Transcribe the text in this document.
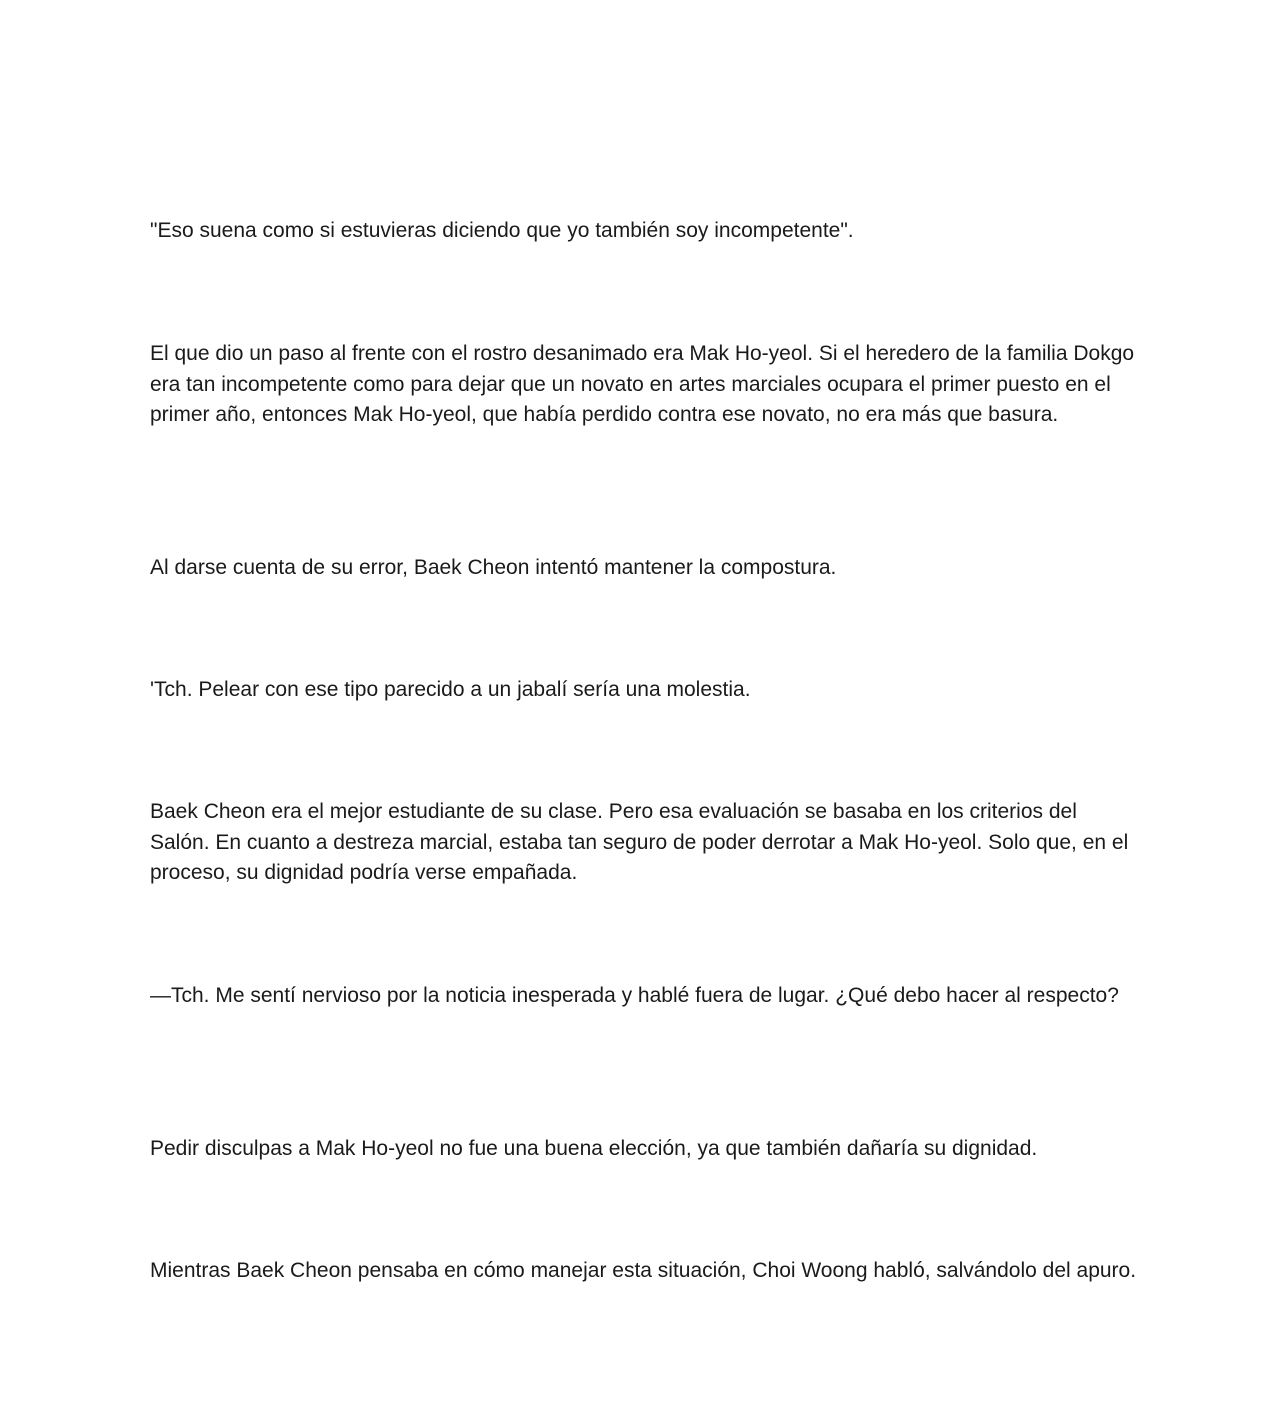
"Eso suena como si estuvieras diciendo que yo también soy incompetente".

El que dio un paso al frente con el rostro desanimado era Mak Ho-yeol. Si el heredero de la familia Dokgo era tan incompetente como para dejar que un novato en artes marciales ocupara el primer puesto en el primer año, entonces Mak Ho-yeol, que había perdido contra ese novato, no era más que basura.

Al darse cuenta de su error, Baek Cheon intentó mantener la compostura.

'Tch. Pelear con ese tipo parecido a un jabalí sería una molestia.

Baek Cheon era el mejor estudiante de su clase. Pero esa evaluación se basaba en los criterios del Salón. En cuanto a destreza marcial, estaba tan seguro de poder derrotar a Mak Ho-yeol. Solo que, en el proceso, su dignidad podría verse empañada.

—Tch. Me sentí nervioso por la noticia inesperada y hablé fuera de lugar. ¿Qué debo hacer al respecto?

Pedir disculpas a Mak Ho-yeol no fue una buena elección, ya que también dañaría su dignidad.

Mientras Baek Cheon pensaba en cómo manejar esta situación, Choi Woong habló, salvándolo del apuro.
